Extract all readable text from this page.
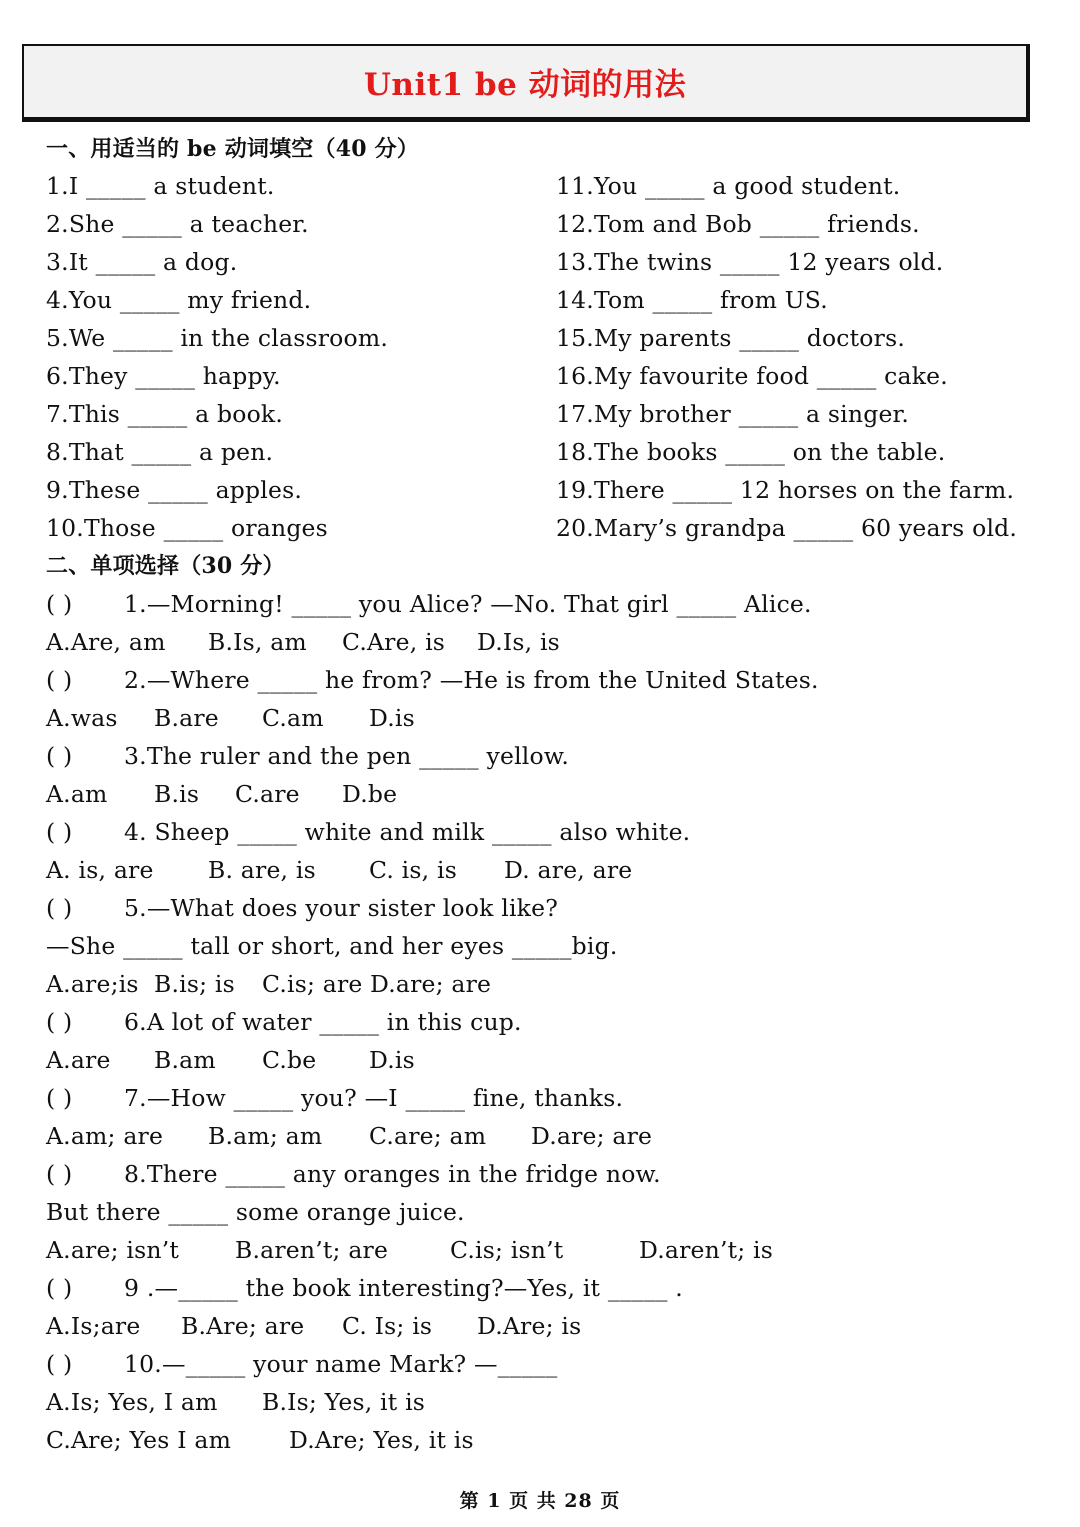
Unit1 be 动词的用法
一、用适当的 be 动词填空（40 分）
1.I _____ a student.
2.She _____ a teacher.
3.It _____ a dog.
4.You _____ my friend.
5.We _____ in the classroom.
6.They _____ happy.
7.This _____ a book.
8.That _____ a pen.
9.These _____ apples.
10.Those _____ oranges
11.You _____ a good student.
12.Tom and Bob _____ friends.
13.The twins _____ 12 years old.
14.Tom _____ from US.
15.My parents _____ doctors.
16.My favourite food _____ cake.
17.My brother _____ a singer.
18.The books _____ on the table.
19.There _____ 12 horses on the farm.
20.Mary’s grandpa _____ 60 years old.
二、单项选择（30 分）
( ) 1.—Morning! _____ you Alice? —No. That girl _____ Alice.
A.Are, am B.Is, am C.Are, is D.Is, is
( ) 2.—Where _____ he from? —He is from the United States.
A.was B.are C.am D.is
( ) 3.The ruler and the pen _____ yellow.
A.am B.is C.are D.be
( ) 4. Sheep _____ white and milk _____ also white.
A. is, are B. are, is C. is, is D. are, are
( ) 5.—What does your sister look like?
—She _____ tall or short, and her eyes _____big.
A.are;is B.is; is C.is; are D.are; are
( ) 6.A lot of water _____ in this cup.
A.are B.am C.be D.is
( ) 7.—How _____ you? —I _____ fine, thanks.
A.am; are B.am; am C.are; am D.are; are
( ) 8.There _____ any oranges in the fridge now.
But there _____ some orange juice.
A.are; isn’t B.aren’t; are	C.is; isn’t	D.aren’t; is
( ) 9 .—_____ the book interesting?—Yes, it _____ .
A.Is;are B.Are; are C. Is; is D.Are; is
( ) 10.—_____ your name Mark? —_____
A.Is; Yes, I am B.Is; Yes, it is
C.Are; Yes I am D.Are; Yes, it is
第 1 页 共 28 页
